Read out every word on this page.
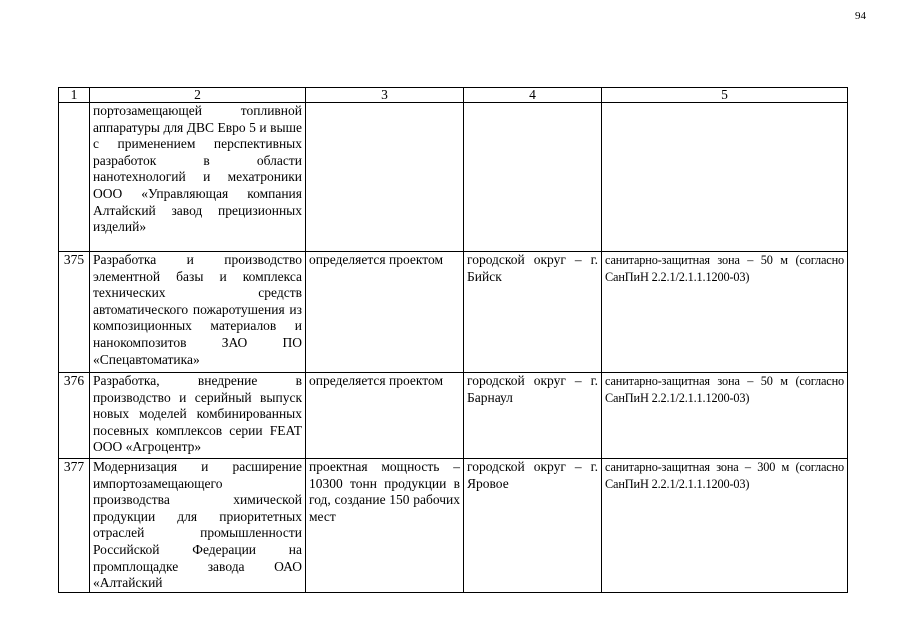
94
1	2	3	4	5
	портозамещающей топливной аппаратуры для ДВС Евро 5 и выше с применением перспективных разработок в области нанотехнологий и мехатроники ООО «Управляющая компания Алтайский завод прецизионных изделий»			
375	Разработка и производство элементной базы и комплекса технических средств автоматического пожаротушения из композиционных материалов и нанокомпозитов ЗАО ПО «Спецавтоматика»	определяется проектом	городской округ – г. Бийск	санитарно-защитная зона – 50 м (согласно СанПиН 2.2.1/2.1.1.1200-03)
376	Разработка, внедрение в производство и серийный выпуск новых моделей комбинированных посевных комплексов серии FEAT ООО «Агроцентр»	определяется проектом	городской округ – г. Барнаул	санитарно-защитная зона – 50 м (согласно СанПиН 2.2.1/2.1.1.1200-03)
377	Модернизация и расширение импортозамещающего производства химической продукции для приоритетных отраслей промышленности Российской Федерации на промплощадке завода ОАО «Алтайский	проектная мощность – 10300 тонн продукции в год, создание 150 рабочих мест	городской округ – г. Яровое	санитарно-защитная зона – 300 м (согласно СанПиН 2.2.1/2.1.1.1200-03)
